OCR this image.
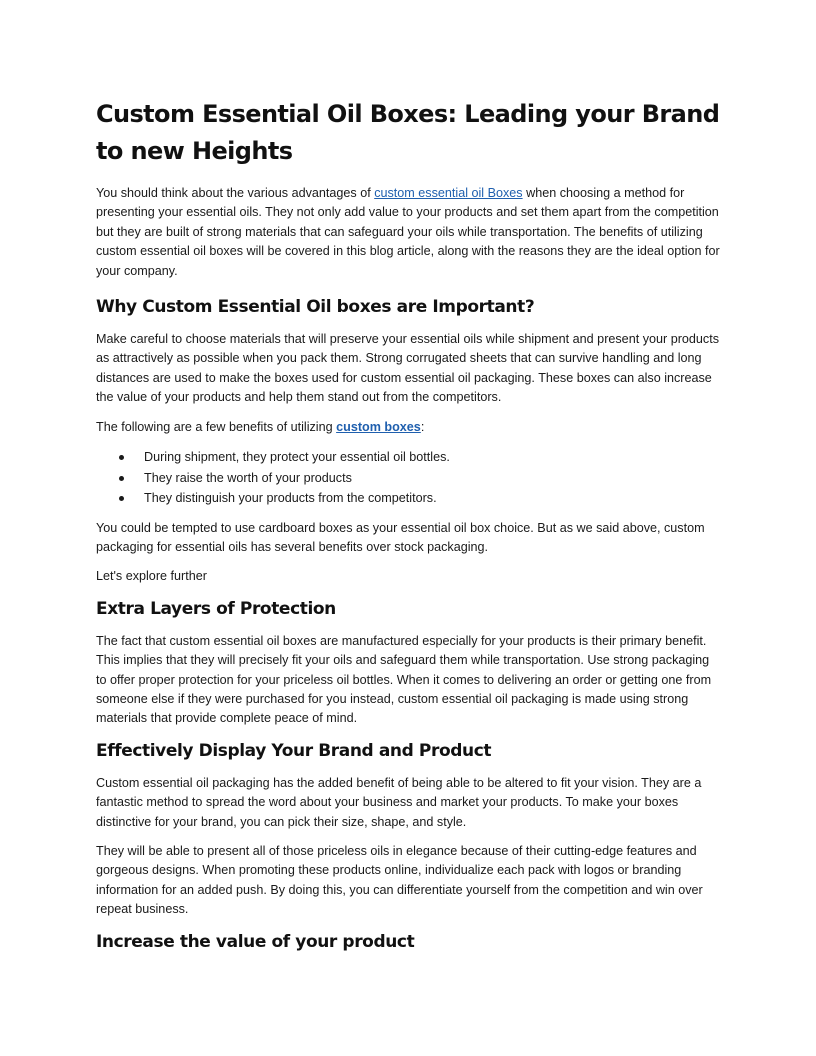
Custom Essential Oil Boxes: Leading your Brand to new Heights

You should think about the various advantages of custom essential oil Boxes when choosing a method for presenting your essential oils. They not only add value to your products and set them apart from the competition but they are built of strong materials that can safeguard your oils while transportation. The benefits of utilizing custom essential oil boxes will be covered in this blog article, along with the reasons they are the ideal option for your company.

Why Custom Essential Oil boxes are Important?

Make careful to choose materials that will preserve your essential oils while shipment and present your products as attractively as possible when you pack them. Strong corrugated sheets that can survive handling and long distances are used to make the boxes used for custom essential oil packaging. These boxes can also increase the value of your products and help them stand out from the competitors.

The following are a few benefits of utilizing custom boxes:

During shipment, they protect your essential oil bottles.
They raise the worth of your products
They distinguish your products from the competitors.

You could be tempted to use cardboard boxes as your essential oil box choice. But as we said above, custom packaging for essential oils has several benefits over stock packaging.

Let's explore further

Extra Layers of Protection

The fact that custom essential oil boxes are manufactured especially for your products is their primary benefit. This implies that they will precisely fit your oils and safeguard them while transportation. Use strong packaging to offer proper protection for your priceless oil bottles. When it comes to delivering an order or getting one from someone else if they were purchased for you instead, custom essential oil packaging is made using strong materials that provide complete peace of mind.

Effectively Display Your Brand and Product

Custom essential oil packaging has the added benefit of being able to be altered to fit your vision. They are a fantastic method to spread the word about your business and market your products. To make your boxes distinctive for your brand, you can pick their size, shape, and style.

They will be able to present all of those priceless oils in elegance because of their cutting-edge features and gorgeous designs. When promoting these products online, individualize each pack with logos or branding information for an added push. By doing this, you can differentiate yourself from the competition and win over repeat business.

Increase the value of your product
